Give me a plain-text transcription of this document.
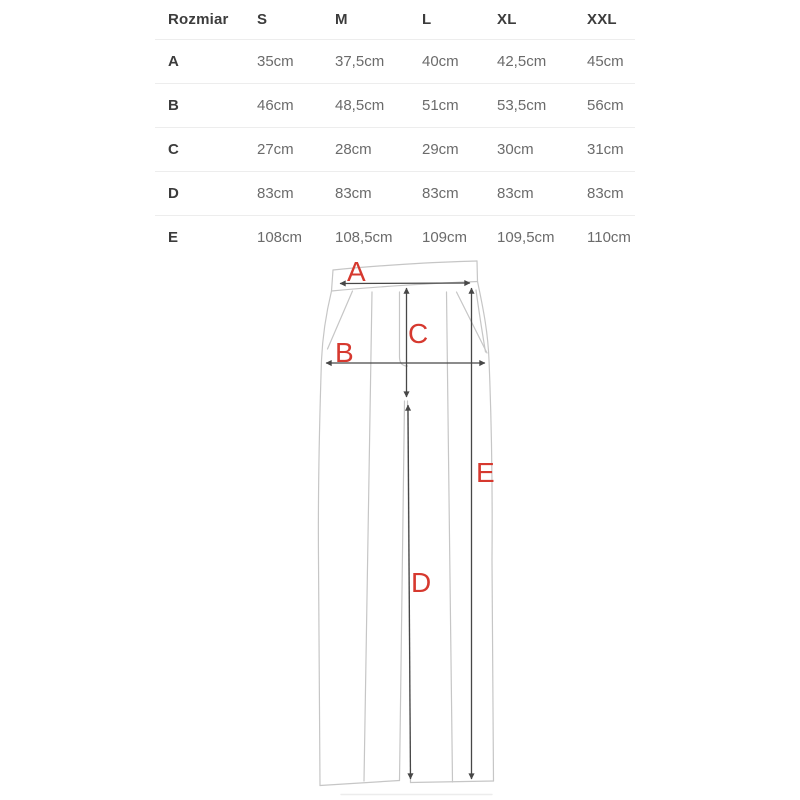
Rozmiar	S	M	L	XL	XXL
A	35cm	37,5cm	40cm	42,5cm	45cm
B	46cm	48,5cm	51cm	53,5cm	56cm
C	27cm	28cm	29cm	30cm	31cm
D	83cm	83cm	83cm	83cm	83cm
E	108cm	108,5cm	109cm	109,5cm	110cm
A
B
C
D
E
